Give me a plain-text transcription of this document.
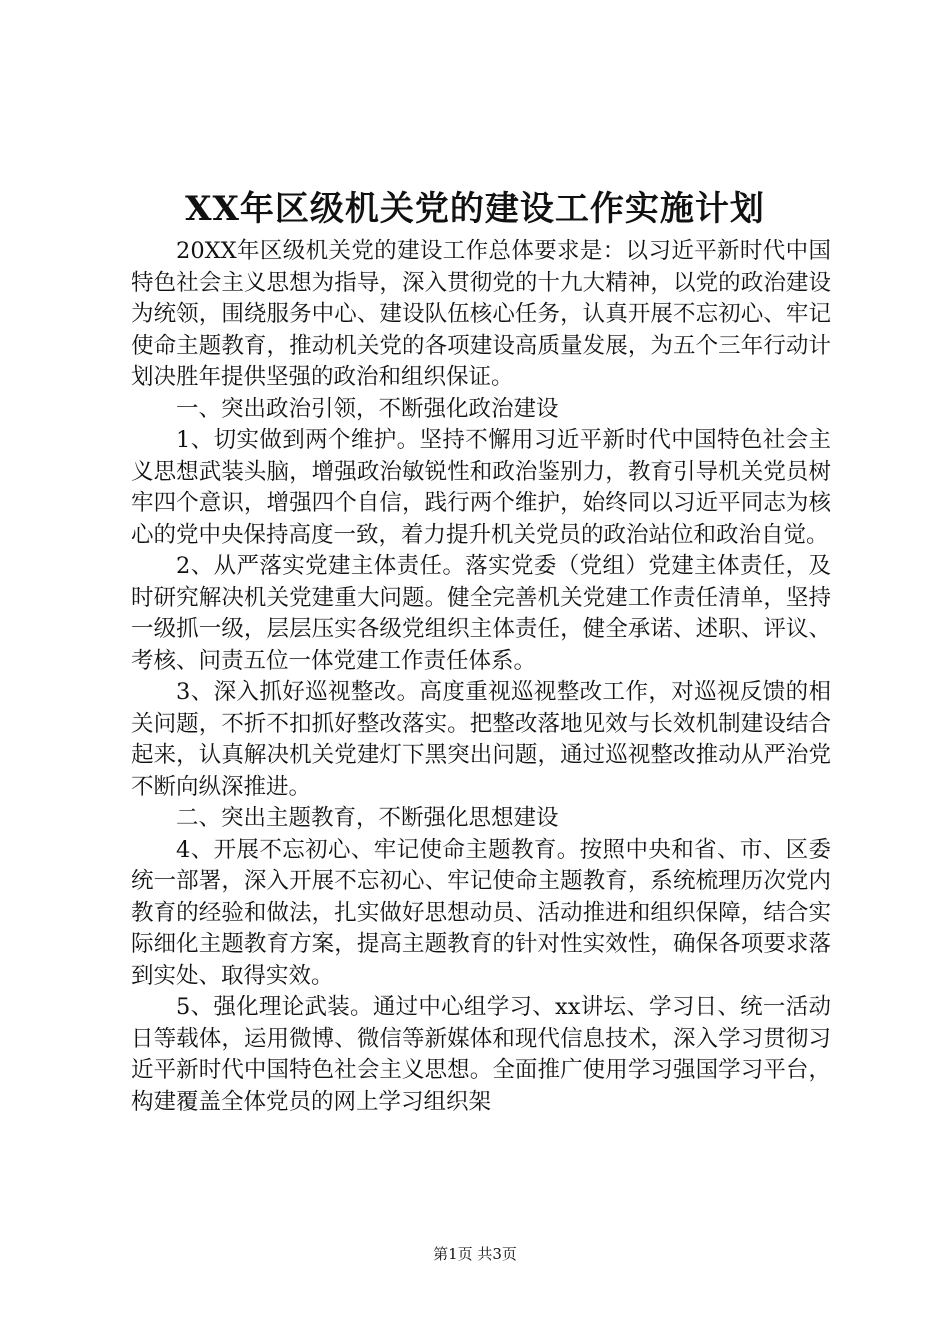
XX年区级机关党的建设工作实施计划

20XX年区级机关党的建设工作总体要求是：以习近平新时代中国特色社会主义思想为指导，深入贯彻党的十九大精神，以党的政治建设为统领，围绕服务中心、建设队伍核心任务，认真开展不忘初心、牢记使命主题教育，推动机关党的各项建设高质量发展，为五个三年行动计划决胜年提供坚强的政治和组织保证。

一、突出政治引领，不断强化政治建设

1、切实做到两个维护。坚持不懈用习近平新时代中国特色社会主义思想武装头脑，增强政治敏锐性和政治鉴别力，教育引导机关党员树牢四个意识，增强四个自信，践行两个维护，始终同以习近平同志为核心的党中央保持高度一致，着力提升机关党员的政治站位和政治自觉。

2、从严落实党建主体责任。落实党委（党组）党建主体责任，及时研究解决机关党建重大问题。健全完善机关党建工作责任清单，坚持一级抓一级，层层压实各级党组织主体责任，健全承诺、述职、评议、考核、问责五位一体党建工作责任体系。

3、深入抓好巡视整改。高度重视巡视整改工作，对巡视反馈的相关问题，不折不扣抓好整改落实。把整改落地见效与长效机制建设结合起来，认真解决机关党建灯下黑突出问题，通过巡视整改推动从严治党不断向纵深推进。

二、突出主题教育，不断强化思想建设

4、开展不忘初心、牢记使命主题教育。按照中央和省、市、区委统一部署，深入开展不忘初心、牢记使命主题教育，系统梳理历次党内教育的经验和做法，扎实做好思想动员、活动推进和组织保障，结合实际细化主题教育方案，提高主题教育的针对性实效性，确保各项要求落到实处、取得实效。

5、强化理论武装。通过中心组学习、xx讲坛、学习日、统一活动日等载体，运用微博、微信等新媒体和现代信息技术，深入学习贯彻习近平新时代中国特色社会主义思想。全面推广使用学习强国学习平台，构建覆盖全体党员的网上学习组织架

第1页 共3页
